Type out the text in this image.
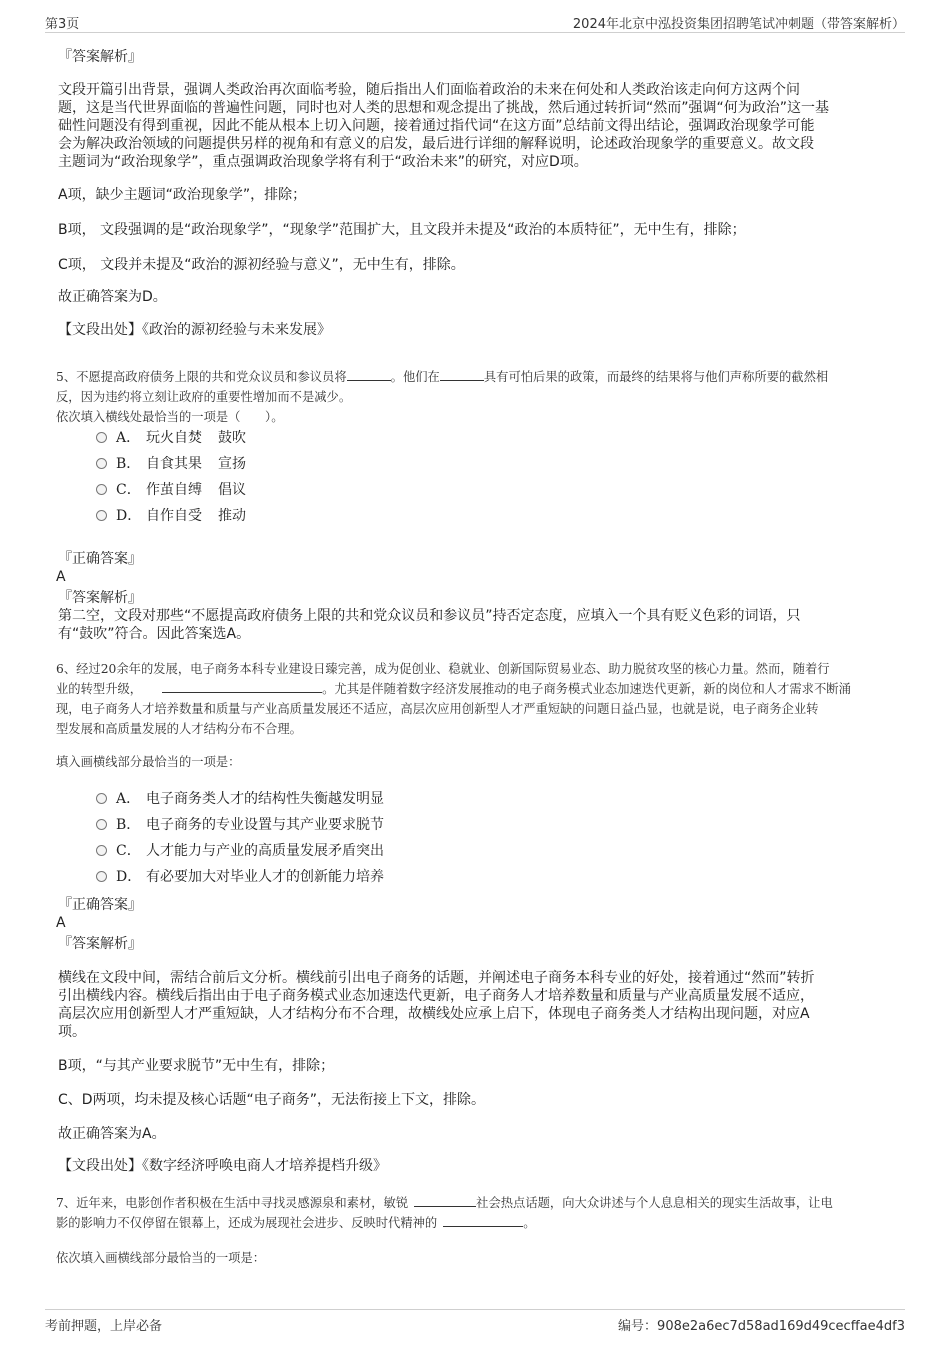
第3页	2024年北京中泓投资集团招聘笔试冲刺题（带答案解析）
『答案解析』
文段开篇引出背景，强调人类政治再次面临考验，随后指出人们面临着政治的未来在何处和人类政治该走向何方这两个问
题，这是当代世界面临的普遍性问题，同时也对人类的思想和观念提出了挑战，然后通过转折词“然而”强调“何为政治”这一基
础性问题没有得到重视，因此不能从根本上切入问题，接着通过指代词“在这方面”总结前文得出结论，强调政治现象学可能
会为解决政治领域的问题提供另样的视角和有意义的启发，最后进行详细的解释说明，论述政治现象学的重要意义。故文段
主题词为“政治现象学”，重点强调政治现象学将有利于“政治未来”的研究，对应D项。
A项，缺少主题词“政治现象学”，排除；
B项， 文段强调的是“政治现象学”，“现象学”范围扩大，且文段并未提及“政治的本质特征”，无中生有，排除；
C项， 文段并未提及“政治的源初经验与意义”，无中生有，排除。
故正确答案为D。
【文段出处】《政治的源初经验与未来发展》
5、不愿提高政府债务上限的共和党众议员和参议员将	。他们在	具有可怕后果的政策，而最终的结果将与他们声称所要的截然相
反，因为违约将立刻让政府的重要性增加而不是减少。
依次填入横线处最恰当的一项是（　　）。
A． 玩火自焚 鼓吹
B． 自食其果 宣扬
C． 作茧自缚 倡议
D． 自作自受 推动
『正确答案』
A
『答案解析』
第二空，文段对那些“不愿提高政府债务上限的共和党众议员和参议员”持否定态度，应填入一个具有贬义色彩的词语，只
有“鼓吹”符合。因此答案选A。
6、经过20余年的发展，电子商务本科专业建设日臻完善，成为促创业、稳就业、创新国际贸易业态、助力脱贫攻坚的核心力量。然而，随着行
业的转型升级，	。尤其是伴随着数字经济发展推动的电子商务模式业态加速迭代更新，新的岗位和人才需求不断涌
现，电子商务人才培养数量和质量与产业高质量发展还不适应，高层次应用创新型人才严重短缺的问题日益凸显，也就是说，电子商务企业转
型发展和高质量发展的人才结构分布不合理。
填入画横线部分最恰当的一项是：
A． 电子商务类人才的结构性失衡越发明显
B． 电子商务的专业设置与其产业要求脱节
C． 人才能力与产业的高质量发展矛盾突出
D． 有必要加大对毕业人才的创新能力培养
『正确答案』
A
『答案解析』
横线在文段中间，需结合前后文分析。横线前引出电子商务的话题，并阐述电子商务本科专业的好处，接着通过“然而”转折
引出横线内容。横线后指出由于电子商务模式业态加速迭代更新，电子商务人才培养数量和质量与产业高质量发展不适应，
高层次应用创新型人才严重短缺，人才结构分布不合理，故横线处应承上启下，体现电子商务类人才结构出现问题，对应A
项。
B项，“与其产业要求脱节”无中生有，排除；
C、D两项，均未提及核心话题“电子商务”，无法衔接上下文，排除。
故正确答案为A。
【文段出处】《数字经济呼唤电商人才培养提档升级》
7、近年来，电影创作者积极在生活中寻找灵感源泉和素材，敏锐	社会热点话题，向大众讲述与个人息息相关的现实生活故事，让电
影的影响力不仅停留在银幕上，还成为展现社会进步、反映时代精神的	。
依次填入画横线部分最恰当的一项是：
考前押题，上岸必备	编号：908e2a6ec7d58ad169d49cecffae4df3
